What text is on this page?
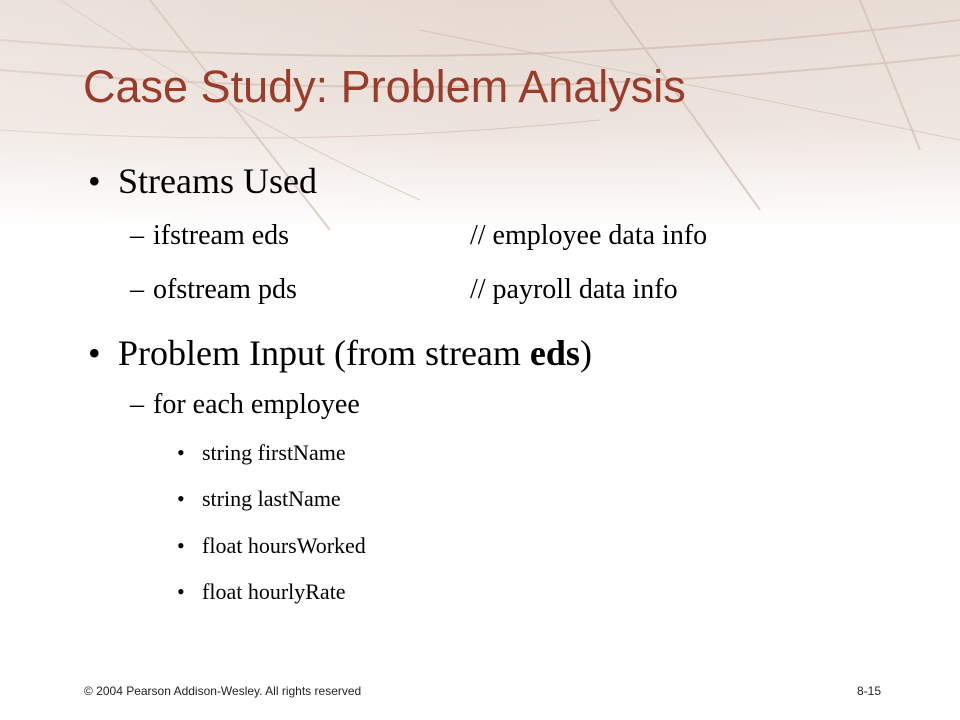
Case Study: Problem Analysis
• Streams Used
– ifstream eds	// employee data info
– ofstream pds	// payroll data info
• Problem Input (from stream eds)
– for each employee
• string firstName
• string lastName
• float hoursWorked
• float hourlyRate
© 2004 Pearson Addison-Wesley. All rights reserved	8-15
